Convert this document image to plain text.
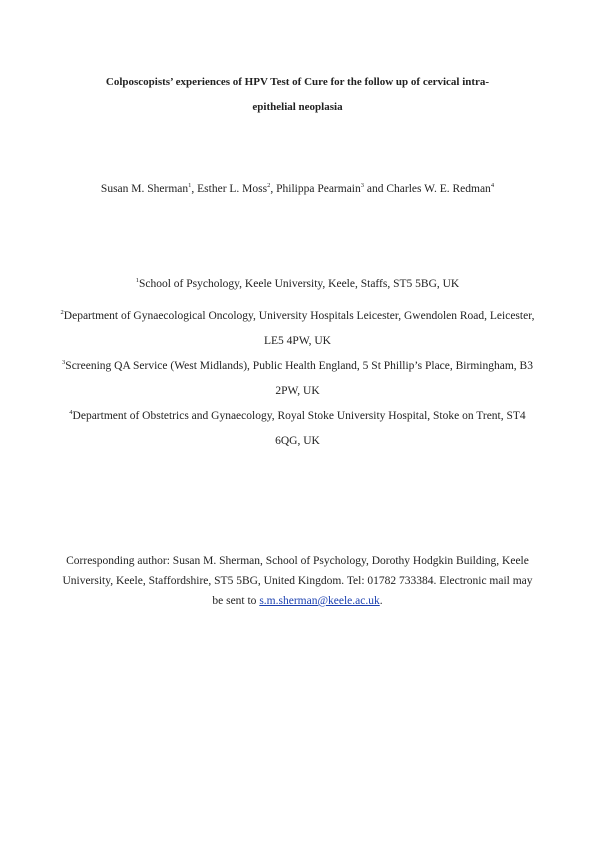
Colposcopists’ experiences of HPV Test of Cure for the follow up of cervical intra-
epithelial neoplasia
Susan M. Sherman$^1$, Esther L. Moss$^2$, Philippa Pearmain$^3$ and Charles W. E. Redman$^4$
$^1$School of Psychology, Keele University, Keele, Staffs, ST5 5BG, UK
$^2$Department of Gynaecological Oncology, University Hospitals Leicester, Gwendolen Road, Leicester, LE5 4PW, UK
$^3$Screening QA Service (West Midlands), Public Health England, 5 St Phillip’s Place, Birmingham, B3 2PW, UK
$^4$Department of Obstetrics and Gynaecology, Royal Stoke University Hospital, Stoke on Trent, ST4 6QG, UK
Corresponding author: Susan M. Sherman, School of Psychology, Dorothy Hodgkin Building, Keele University, Keele, Staffordshire, ST5 5BG, United Kingdom. Tel: 01782 733384. Electronic mail may be sent to s.m.sherman@keele.ac.uk.
